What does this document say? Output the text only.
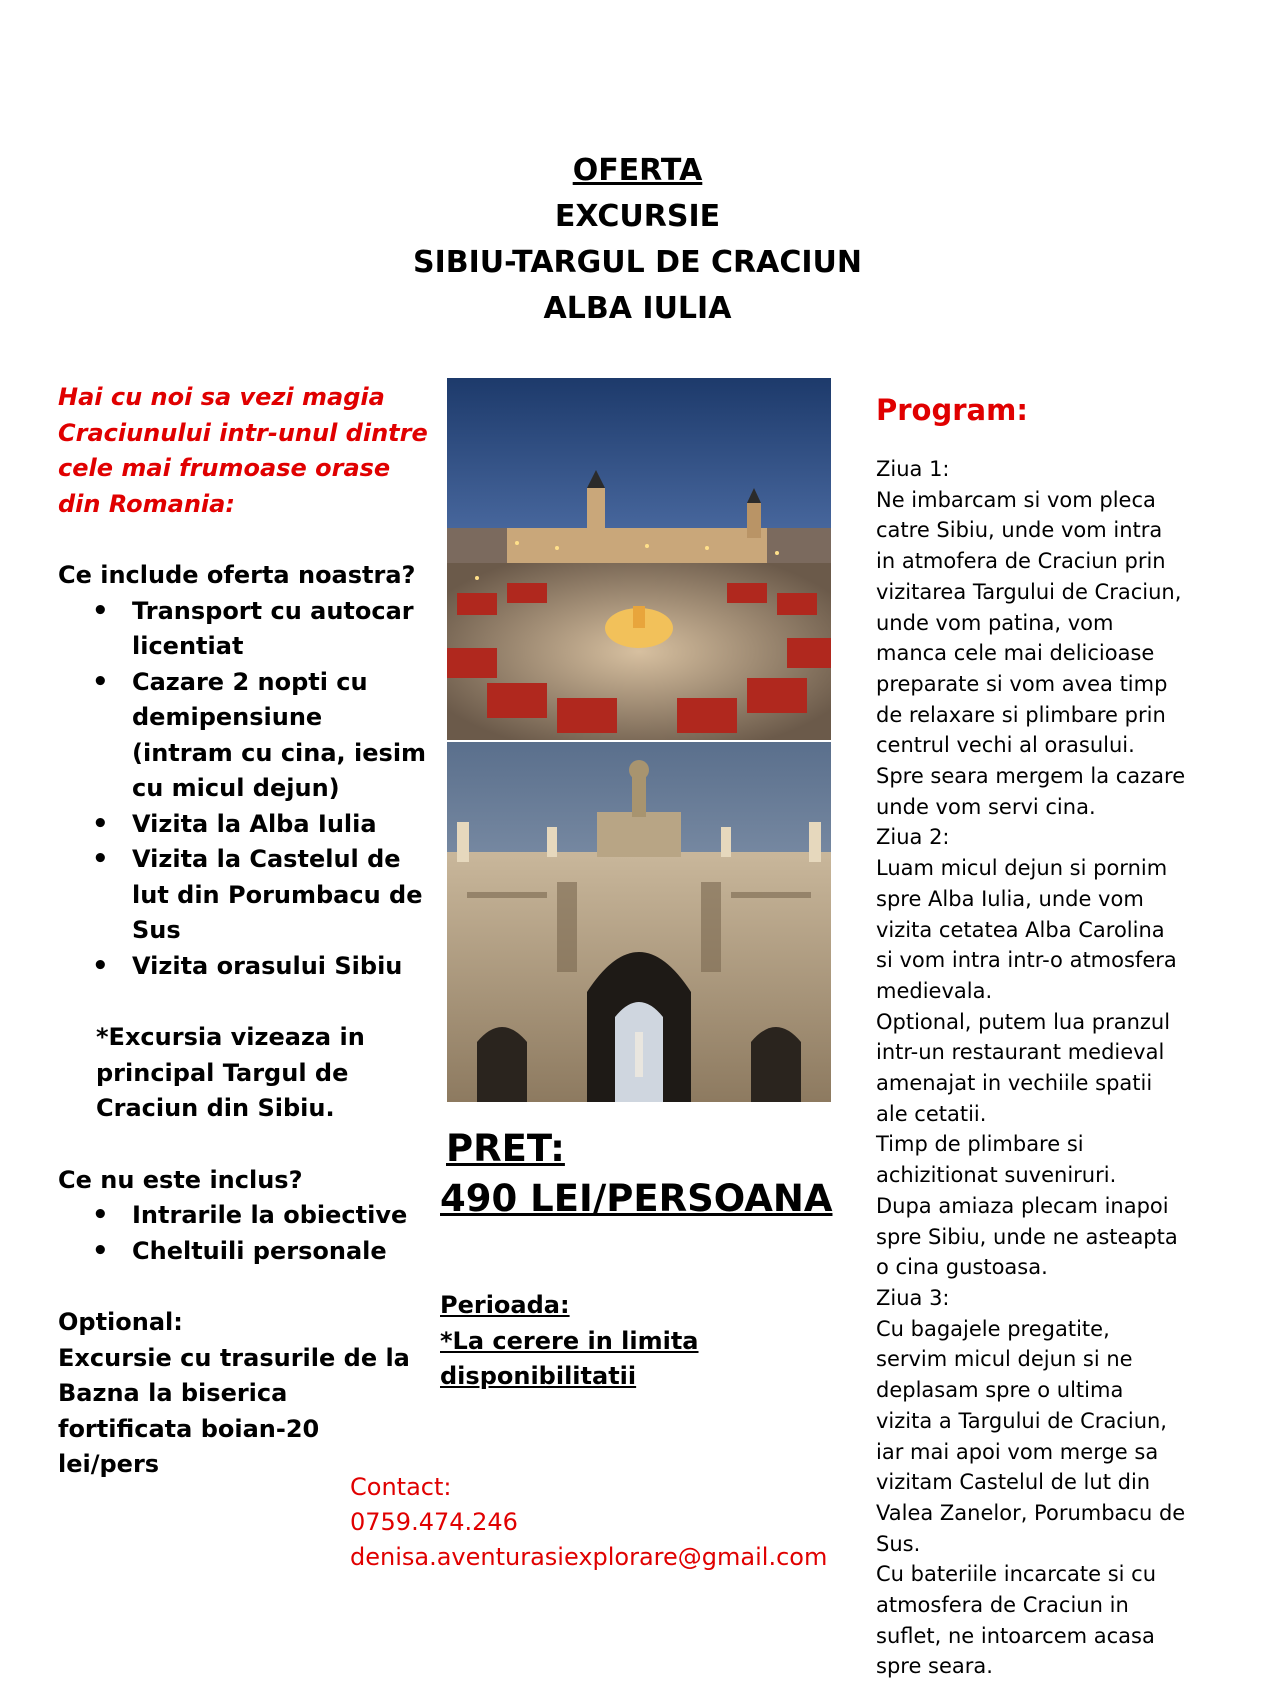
OFERTA
EXCURSIE
SIBIU-TARGUL DE CRACIUN
ALBA IULIA
Hai cu noi sa vezi magia Craciunului intr-unul dintre cele mai frumoase orase din Romania:
Ce include oferta noastra?
• Transport cu autocar licentiat
• Cazare 2 nopti cu demipensiune (intram cu cina, iesim cu micul dejun)
• Vizita la Alba Iulia
• Vizita la Castelul de lut din Porumbacu de Sus
• Vizita orasului Sibiu
*Excursia vizeaza in principal Targul de Craciun din Sibiu.
Ce nu este inclus?
• Intrarile la obiective
• Cheltuili personale
Optional:
Excursie cu trasurile de la Bazna la biserica fortificata boian-20 lei/pers
PRET:
490 LEI/PERSOANA
Perioada:
*La cerere in limita
disponibilitatii
Contact:
0759.474.246
denisa.aventurasiexplorare@gmail.com
Program:
Ziua 1:
Ne imbarcam si vom pleca catre Sibiu, unde vom intra in atmofera de Craciun prin vizitarea Targului de Craciun, unde vom patina, vom manca cele mai delicioase preparate si vom avea timp de relaxare si plimbare prin centrul vechi al orasului. Spre seara mergem la cazare unde vom servi cina.
Ziua 2:
Luam micul dejun si pornim spre Alba Iulia, unde vom vizita cetatea Alba Carolina si vom intra intr-o atmosfera medievala.
Optional, putem lua pranzul intr-un restaurant medieval amenajat in vechiile spatii ale cetatii.
Timp de plimbare si achizitionat suveniruri.
Dupa amiaza plecam inapoi spre Sibiu, unde ne asteapta o cina gustoasa.
Ziua 3:
Cu bagajele pregatite, servim micul dejun si ne deplasam spre o ultima vizita a Targului de Craciun, iar mai apoi vom merge sa vizitam Castelul de lut din Valea Zanelor, Porumbacu de Sus.
Cu bateriile incarcate si cu atmosfera de Craciun in suflet, ne intoarcem acasa spre seara.
